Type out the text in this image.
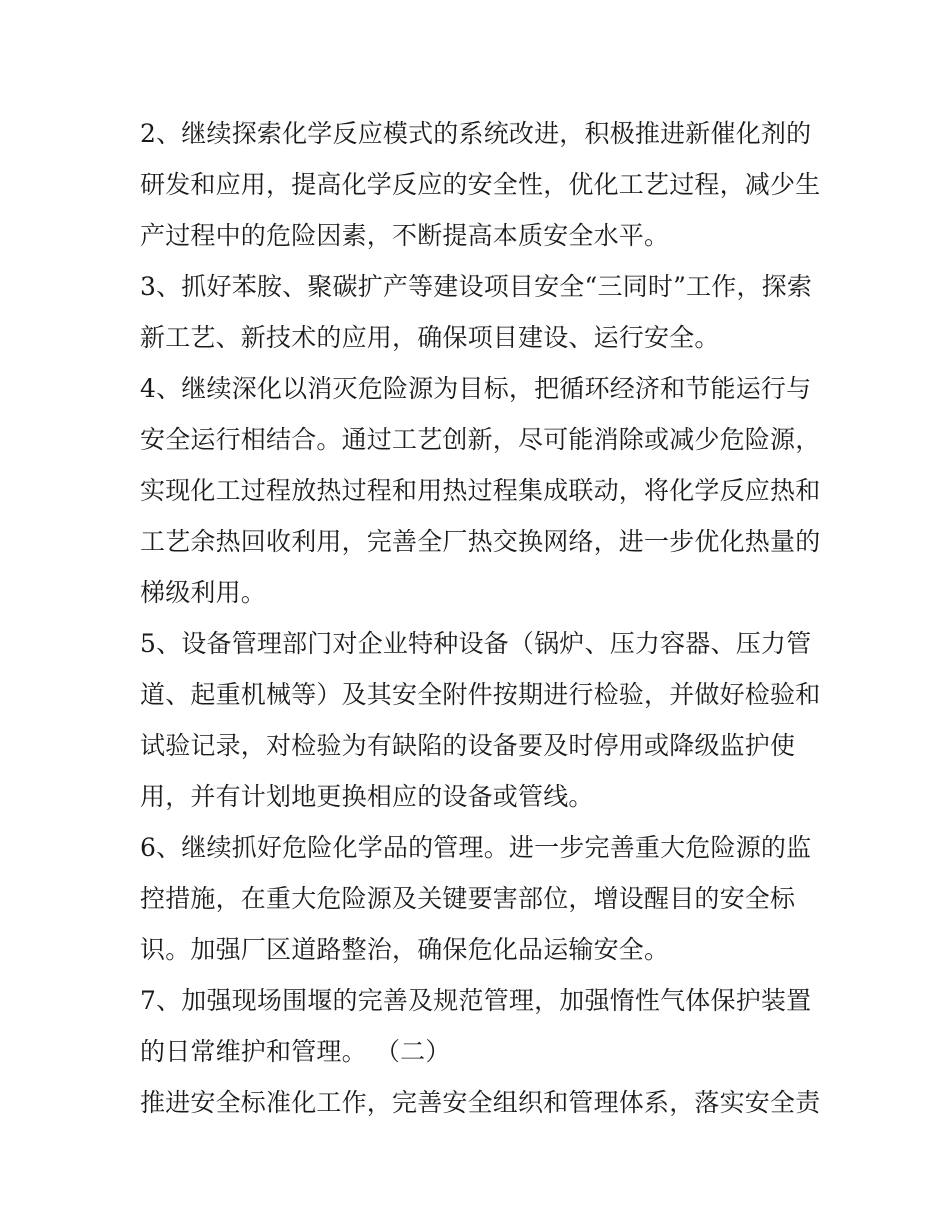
2、继续探索化学反应模式的系统改进，积极推进新催化剂的
研发和应用，提高化学反应的安全性，优化工艺过程，减少生
产过程中的危险因素，不断提高本质安全水平。
3、抓好苯胺、聚碳扩产等建设项目安全“三同时”工作，探索
新工艺、新技术的应用，确保项目建设、运行安全。
4、继续深化以消灭危险源为目标，把循环经济和节能运行与
安全运行相结合。通过工艺创新，尽可能消除或减少危险源，
实现化工过程放热过程和用热过程集成联动，将化学反应热和
工艺余热回收利用，完善全厂热交换网络，进一步优化热量的
梯级利用。
5、设备管理部门对企业特种设备（锅炉、压力容器、压力管
道、起重机械等）及其安全附件按期进行检验，并做好检验和
试验记录，对检验为有缺陷的设备要及时停用或降级监护使
用，并有计划地更换相应的设备或管线。
6、继续抓好危险化学品的管理。进一步完善重大危险源的监
控措施，在重大危险源及关键要害部位，增设醒目的安全标
识。加强厂区道路整治，确保危化品运输安全。
7、加强现场围堰的完善及规范管理，加强惰性气体保护装置
的日常维护和管理。 （二）
推进安全标准化工作，完善安全组织和管理体系，落实安全责
